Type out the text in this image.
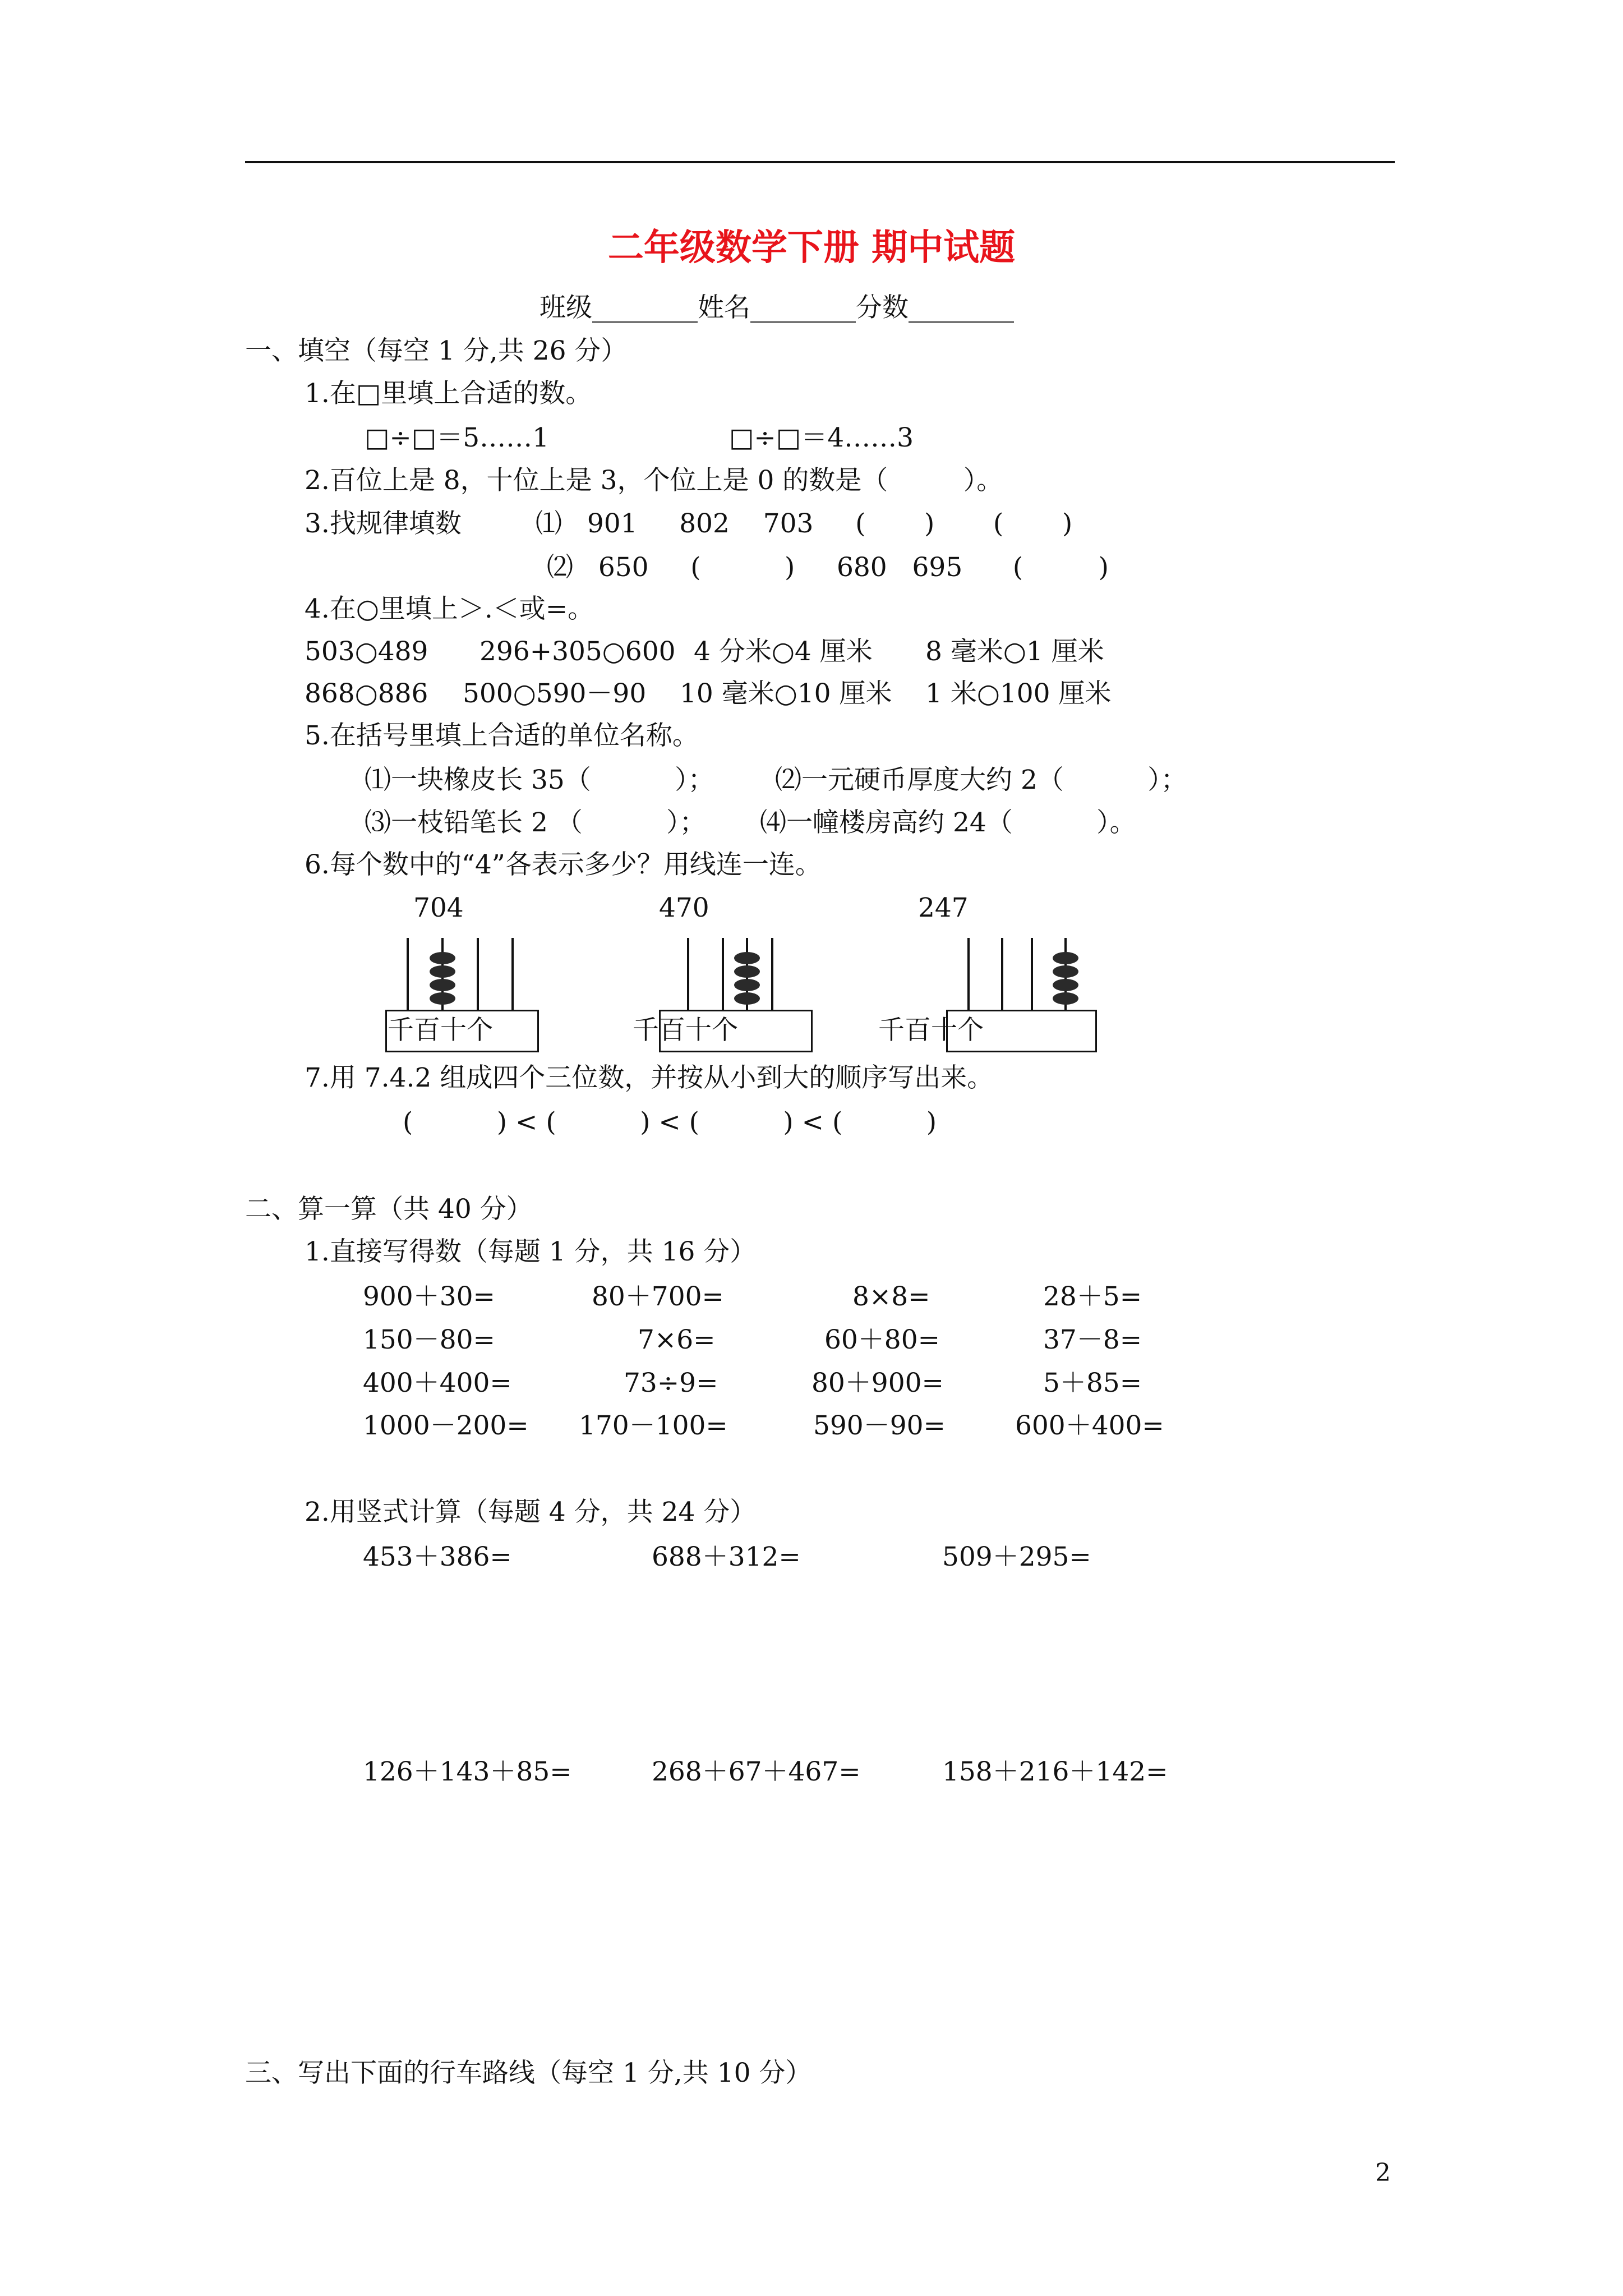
二年级数学下册 期中试题
班级________姓名________分数________
一、填空（每空 1 分,共 26 分）
1.在□里填上合适的数。
□÷□＝5……1	□÷□＝4……3
2.百位上是 8，十位上是 3，个位上是 0 的数是（         ）。
3.找规律填数	⑴   901     802    703     (       )       (       )
⑵   650     (          )     680   695      (         )
4.在○里填上＞.＜或=。
503○489 296+305○600 4 分米○4 厘米 8 毫米○1 厘米
868○886 500○590－90 10 毫米○10 厘米 1 米○100 厘米
5.在括号里填上合适的单位名称。
⑴一块橡皮长 35（          ）； ⑵一元硬币厚度大约 2（          ）；
⑶一枝铅笔长 2 （          ）； ⑷一幢楼房高约 24（          ）。
6.每个数中的“4”各表示多少？用线连一连。
704	470	247
千百十个	千百十个	千百十个
7.用 7.4.2 组成四个三位数，并按从小到大的顺序写出来。
(          ) < (          ) < (          ) < (          )
二、算一算（共 40 分）
1.直接写得数（每题 1 分，共 16 分）
900＋30=	80＋700=	8×8=	28＋5=
150－80=	7×6=	60＋80=	37－8=
400＋400=	73÷9=	80＋900=	5＋85=
1000－200= 170－100=	590－90=	600＋400=
2.用竖式计算（每题 4 分，共 24 分）
453＋386=	688＋312=	509＋295=
126＋143＋85=	268＋67＋467=	158＋216＋142=
三、写出下面的行车路线（每空 1 分,共 10 分）
2
